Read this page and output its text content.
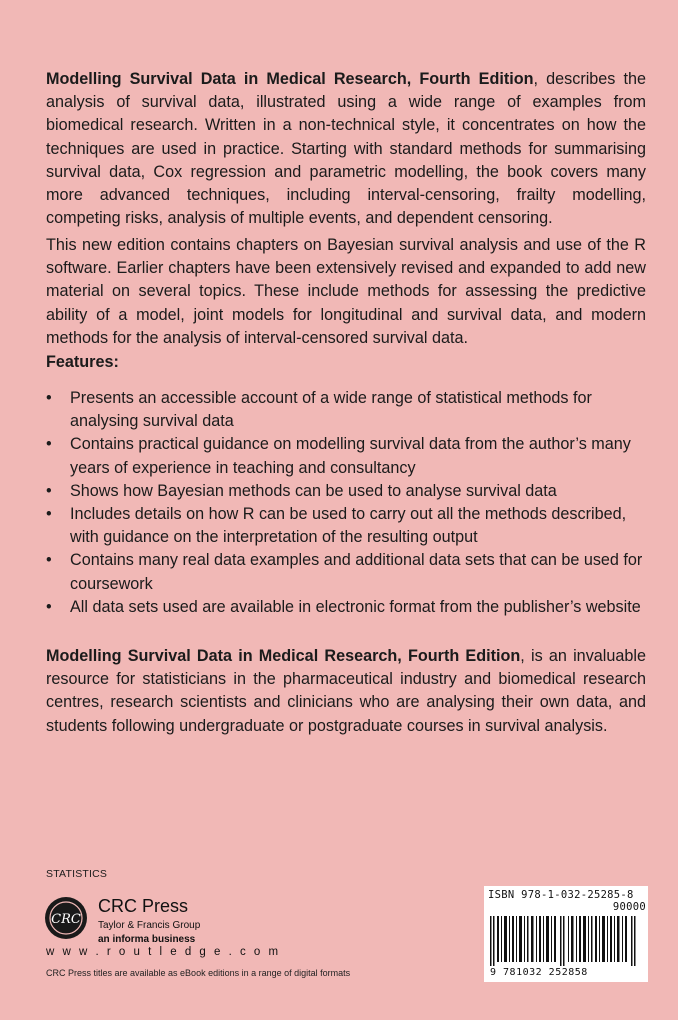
Modelling Survival Data in Medical Research, Fourth Edition, describes the analysis of survival data, illustrated using a wide range of examples from biomedical research. Written in a non-technical style, it concentrates on how the techniques are used in practice. Starting with standard methods for summarising survival data, Cox regression and parametric modelling, the book covers many more advanced techniques, including interval-censoring, frailty modelling, competing risks, analysis of multiple events, and dependent censoring.
This new edition contains chapters on Bayesian survival analysis and use of the R software. Earlier chapters have been extensively revised and expanded to add new material on several topics. These include methods for assessing the predictive ability of a model, joint models for longitudinal and survival data, and modern methods for the analysis of interval-censored survival data.
Features:
• Presents an accessible account of a wide range of statistical methods for analysing survival data
• Contains practical guidance on modelling survival data from the author’s many years of experience in teaching and consultancy
• Shows how Bayesian methods can be used to analyse survival data
• Includes details on how R can be used to carry out all the methods described, with guidance on the interpretation of the resulting output
• Contains many real data examples and additional data sets that can be used for coursework
• All data sets used are available in electronic format from the publisher’s website
Modelling Survival Data in Medical Research, Fourth Edition, is an invaluable resource for statisticians in the pharmaceutical industry and biomedical research centres, research scientists and clinicians who are analysing their own data, and students following undergraduate or postgraduate courses in survival analysis.
STATISTICS
CRC
CRC Press
Taylor & Francis Group
an informa business
w w w . r o u t l e d g e . c o m
CRC Press titles are available as eBook editions in a range of digital formats
ISBN 978-1-032-25285-8
90000
9 781032 252858
